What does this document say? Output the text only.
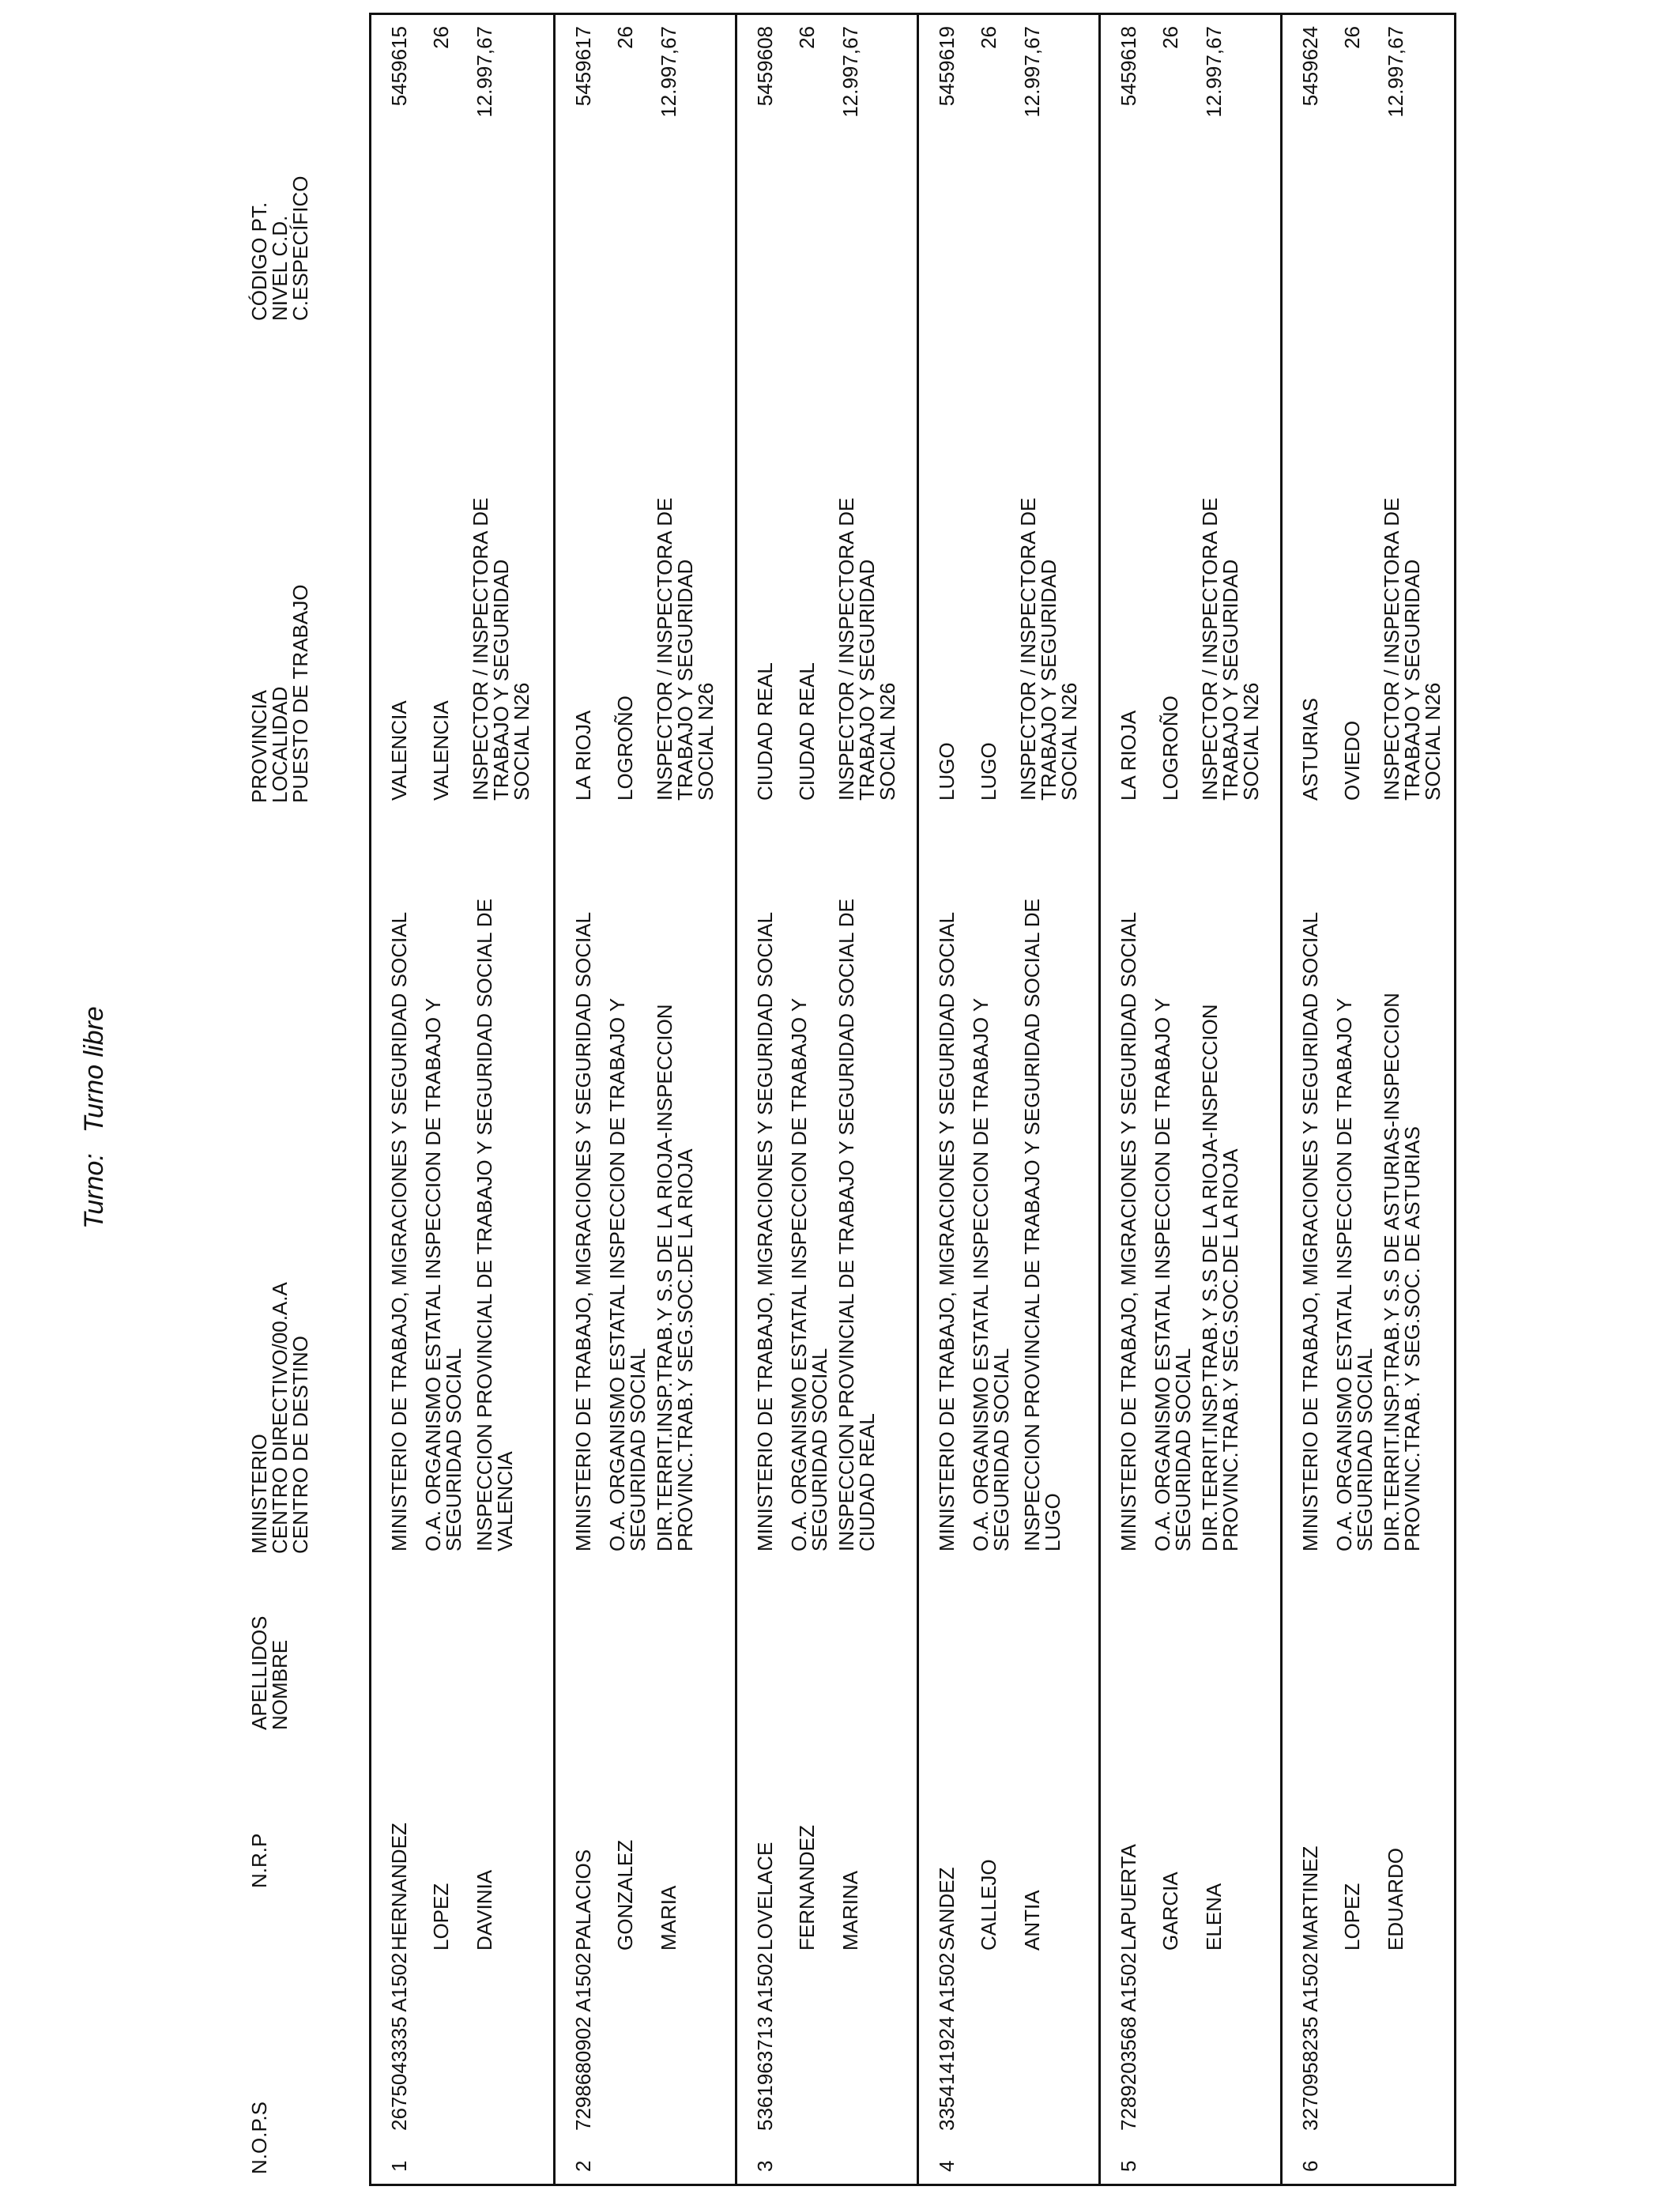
Turno:Turno libre
N.O.P.S
N.R.P
APELLIDOS
NOMBRE
MINISTERIO
CENTRO DIRECTIVO/00.A.A
CENTRO DE DESTINO
PROVINCIA
LOCALIDAD
PUESTO DE TRABAJO
CÓDIGO PT.
NIVEL C.D.
C.ESPECÍFICO
1
2675043335 A1502
HERNANDEZ LOPEZ DAVINIA
MINISTERIO DE TRABAJO, MIGRACIONES Y SEGURIDAD SOCIAL O.A. ORGANISMO ESTATAL INSPECCION DE TRABAJO Y SEGURIDAD SOCIAL INSPECCION PROVINCIAL DE TRABAJO Y SEGURIDAD SOCIAL DE VALENCIA
VALENCIA VALENCIA INSPECTOR / INSPECTORA DE TRABAJO Y SEGURIDAD SOCIAL N26
5459615 26 12.997,67
2
7298680902 A1502
PALACIOS GONZALEZ MARIA
MINISTERIO DE TRABAJO, MIGRACIONES Y SEGURIDAD SOCIAL O.A. ORGANISMO ESTATAL INSPECCION DE TRABAJO Y SEGURIDAD SOCIAL DIR.TERRIT.INSP.TRAB.Y S.S DE LA RIOJA-INSPECCION PROVINC.TRAB.Y SEG.SOC.DE LA RIOJA
LA RIOJA LOGROÑO INSPECTOR / INSPECTORA DE TRABAJO Y SEGURIDAD SOCIAL N26
5459617 26 12.997,67
3
5361963713 A1502
LOVELACE FERNANDEZ MARINA
MINISTERIO DE TRABAJO, MIGRACIONES Y SEGURIDAD SOCIAL O.A. ORGANISMO ESTATAL INSPECCION DE TRABAJO Y SEGURIDAD SOCIAL INSPECCION PROVINCIAL DE TRABAJO Y SEGURIDAD SOCIAL DE CIUDAD REAL
CIUDAD REAL CIUDAD REAL INSPECTOR / INSPECTORA DE TRABAJO Y SEGURIDAD SOCIAL N26
5459608 26 12.997,67
4
3354141924 A1502
SANDEZ CALLEJO ANTIA
MINISTERIO DE TRABAJO, MIGRACIONES Y SEGURIDAD SOCIAL O.A. ORGANISMO ESTATAL INSPECCION DE TRABAJO Y SEGURIDAD SOCIAL INSPECCION PROVINCIAL DE TRABAJO Y SEGURIDAD SOCIAL DE LUGO
LUGO LUGO INSPECTOR / INSPECTORA DE TRABAJO Y SEGURIDAD SOCIAL N26
5459619 26 12.997,67
5
7289203568 A1502
LAPUERTA GARCIA ELENA
MINISTERIO DE TRABAJO, MIGRACIONES Y SEGURIDAD SOCIAL O.A. ORGANISMO ESTATAL INSPECCION DE TRABAJO Y SEGURIDAD SOCIAL DIR.TERRIT.INSP.TRAB.Y S.S DE LA RIOJA-INSPECCION PROVINC.TRAB.Y SEG.SOC.DE LA RIOJA
LA RIOJA LOGROÑO INSPECTOR / INSPECTORA DE TRABAJO Y SEGURIDAD SOCIAL N26
5459618 26 12.997,67
6
3270958235 A1502
MARTINEZ LOPEZ EDUARDO
MINISTERIO DE TRABAJO, MIGRACIONES Y SEGURIDAD SOCIAL O.A. ORGANISMO ESTATAL INSPECCION DE TRABAJO Y SEGURIDAD SOCIAL DIR.TERRIT.INSP.TRAB.Y S.S DE ASTURIAS-INSPECCION PROVINC.TRAB. Y SEG.SOC. DE ASTURIAS
ASTURIAS OVIEDO INSPECTOR / INSPECTORA DE TRABAJO Y SEGURIDAD SOCIAL N26
5459624 26 12.997,67
